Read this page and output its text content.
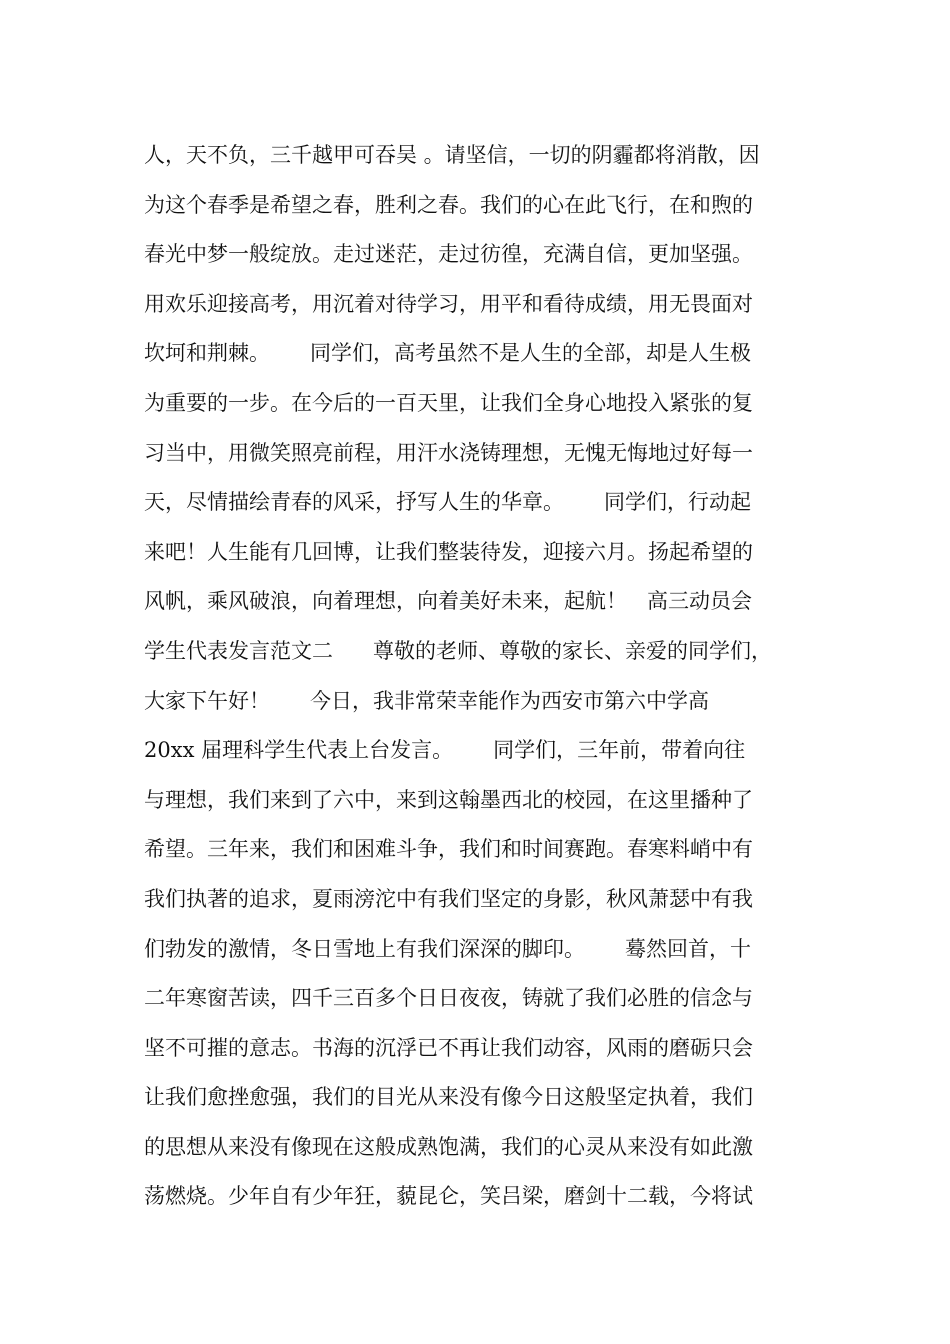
人，天不负，三千越甲可吞吴 。请坚信，一切的阴霾都将消散，因
为这个春季是希望之春，胜利之春。我们的心在此飞行，在和煦的
春光中梦一般绽放。走过迷茫，走过彷徨，充满自信，更加坚强。
用欢乐迎接高考，用沉着对待学习，用平和看待成绩，用无畏面对
坎坷和荆棘。      同学们，高考虽然不是人生的全部，却是人生极
为重要的一步。在今后的一百天里，让我们全身心地投入紧张的复
习当中，用微笑照亮前程，用汗水浇铸理想，无愧无悔地过好每一
天，尽情描绘青春的风采，抒写人生的华章。      同学们，行动起
来吧！人生能有几回博，让我们整装待发，迎接六月。扬起希望的
风帆，乘风破浪，向着理想，向着美好未来，起航！   高三动员会
学生代表发言范文二      尊敬的老师、尊敬的家长、亲爱的同学们，
大家下午好！      今日，我非常荣幸能作为西安市第六中学高
20xx 届理科学生代表上台发言。      同学们，三年前，带着向往
与理想，我们来到了六中，来到这翰墨西北的校园，在这里播种了
希望。三年来，我们和困难斗争，我们和时间赛跑。春寒料峭中有
我们执著的追求，夏雨滂沱中有我们坚定的身影，秋风萧瑟中有我
们勃发的激情，冬日雪地上有我们深深的脚印。      蓦然回首，十
二年寒窗苦读，四千三百多个日日夜夜，铸就了我们必胜的信念与
坚不可摧的意志。书海的沉浮已不再让我们动容，风雨的磨砺只会
让我们愈挫愈强，我们的目光从来没有像今日这般坚定执着，我们
的思想从来没有像现在这般成熟饱满，我们的心灵从来没有如此激
荡燃烧。少年自有少年狂，藐昆仑，笑吕梁，磨剑十二载，今将试
